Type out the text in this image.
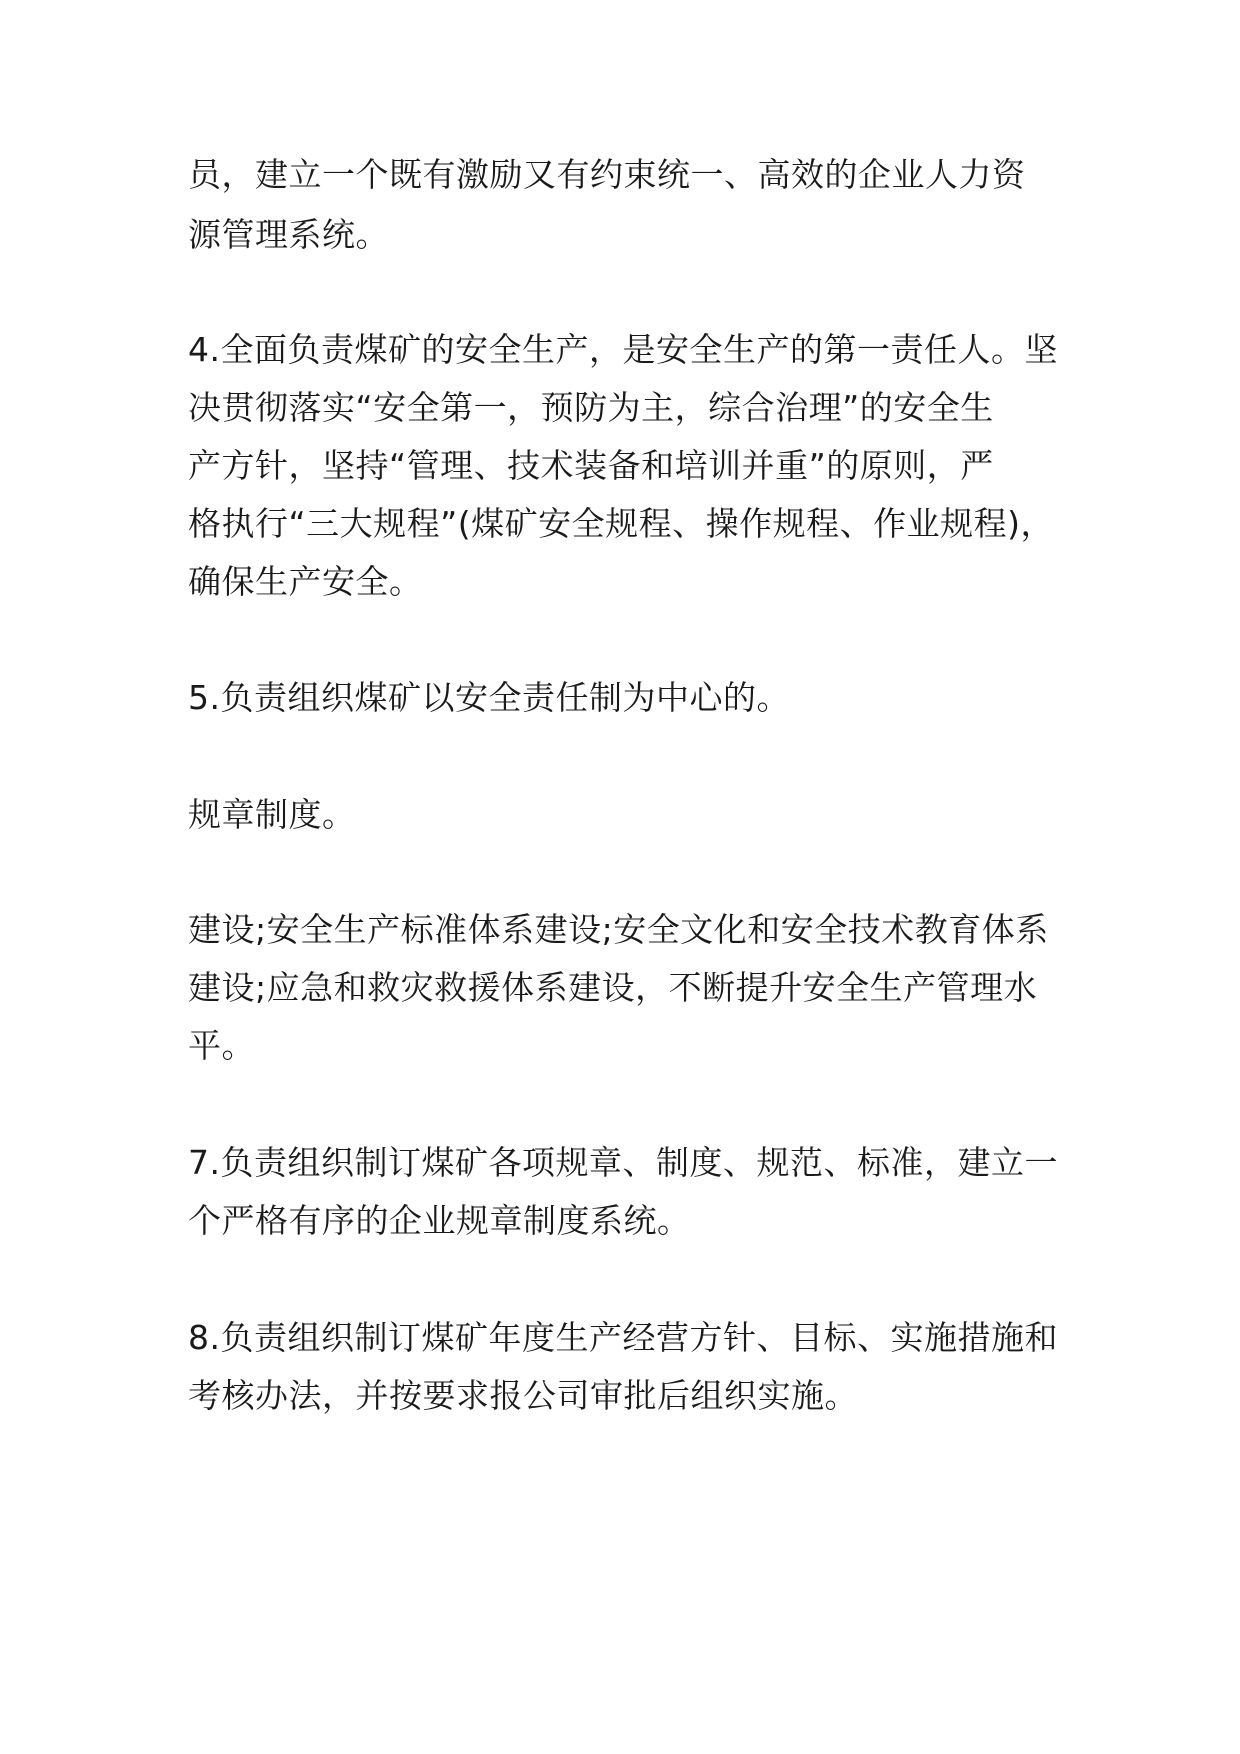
员，建立一个既有激励又有约束统一、高效的企业人力资
源管理系统。
4.全面负责煤矿的安全生产，是安全生产的第一责任人。坚
决贯彻落实“安全第一，预防为主，综合治理”的安全生
产方针，坚持“管理、技术装备和培训并重”的原则，严
格执行“三大规程”(煤矿安全规程、操作规程、作业规程)，
确保生产安全。
5.负责组织煤矿以安全责任制为中心的。
规章制度。
建设;安全生产标准体系建设;安全文化和安全技术教育体系
建设;应急和救灾救援体系建设，不断提升安全生产管理水
平。
7.负责组织制订煤矿各项规章、制度、规范、标准，建立一
个严格有序的企业规章制度系统。
8.负责组织制订煤矿年度生产经营方针、目标、实施措施和
考核办法，并按要求报公司审批后组织实施。
